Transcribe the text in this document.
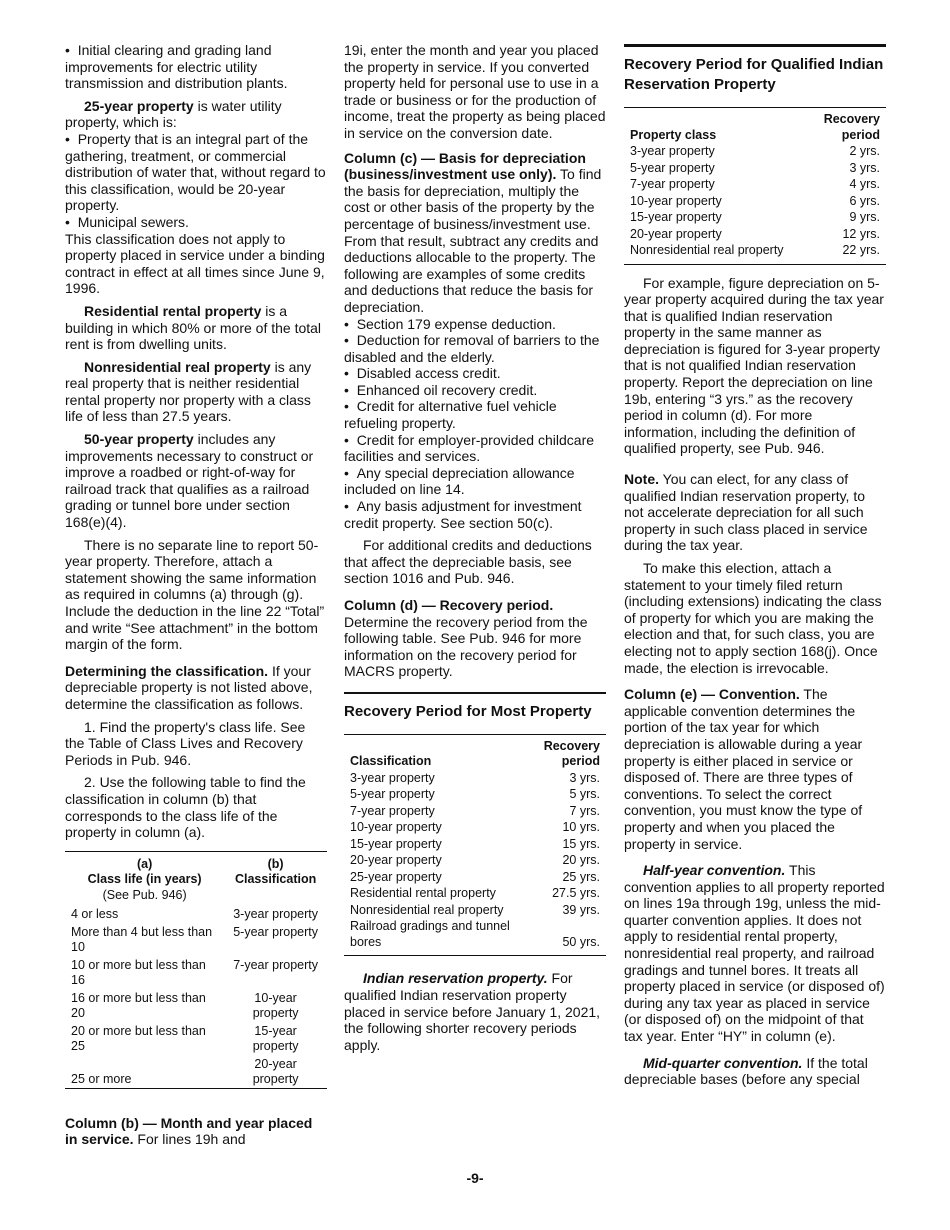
•  Initial clearing and grading land improvements for electric utility transmission and distribution plants.

25-year property is water utility property, which is:

•  Property that is an integral part of the gathering, treatment, or commercial distribution of water that, without regard to this classification, would be 20-year property.

•  Municipal sewers.

This classification does not apply to property placed in service under a binding contract in effect at all times since June 9, 1996.

Residential rental property is a building in which 80% or more of the total rent is from dwelling units.

Nonresidential real property is any real property that is neither residential rental property nor property with a class life of less than 27.5 years.

50-year property includes any improvements necessary to construct or improve a roadbed or right-of-way for railroad track that qualifies as a railroad grading or tunnel bore under section 168(e)(4).

There is no separate line to report 50-year property. Therefore, attach a statement showing the same information as required in columns (a) through (g). Include the deduction in the line 22 “Total” and write “See attachment” in the bottom margin of the form.

Determining the classification. If your depreciable property is not listed above, determine the classification as follows.

1. Find the property's class life. See the Table of Class Lives and Recovery Periods in Pub. 946.

2. Use the following table to find the classification in column (b) that corresponds to the class life of the property in column (a).

(a)
Class life (in years)
(See Pub. 946)	(b)
Classification
4 or less	3-year property
More than 4 but less than 10	5-year property
10 or more but less than 16	7-year property
16 or more but less than 20	10-year property
20 or more but less than 25	15-year property
25 or more	20-year property

Column (b) — Month and year placed in service. For lines 19h and

19i, enter the month and year you placed the property in service. If you converted property held for personal use to use in a trade or business or for the production of income, treat the property as being placed in service on the conversion date.

Column (c) — Basis for depreciation (business/investment use only). To find the basis for depreciation, multiply the cost or other basis of the property by the percentage of business/investment use. From that result, subtract any credits and deductions allocable to the property. The following are examples of some credits and deductions that reduce the basis for depreciation.

•  Section 179 expense deduction.

•  Deduction for removal of barriers to the disabled and the elderly.

•  Disabled access credit.

•  Enhanced oil recovery credit.

•  Credit for alternative fuel vehicle refueling property.

•  Credit for employer-provided childcare facilities and services.

•  Any special depreciation allowance included on line 14.

•  Any basis adjustment for investment credit property. See section 50(c).

For additional credits and deductions that affect the depreciable basis, see section 1016 and Pub. 946.

Column (d) — Recovery period. Determine the recovery period from the following table. See Pub. 946 for more information on the recovery period for MACRS property.

Recovery Period for Most Property
Classification	Recovery
period
3-year property	3 yrs.
5-year property	5 yrs.
7-year property	7 yrs.
10-year property	10 yrs.
15-year property	15 yrs.
20-year property	20 yrs.
25-year property	25 yrs.
Residential rental property	27.5 yrs.
Nonresidential real property	39 yrs.
Railroad gradings and tunnel bores	50 yrs.

Indian reservation property. For qualified Indian reservation property placed in service before January 1, 2021, the following shorter recovery periods apply.

Recovery Period for Qualified Indian Reservation Property
Property class	Recovery
period
3-year property	2 yrs.
5-year property	3 yrs.
7-year property	4 yrs.
10-year property	6 yrs.
15-year property	9 yrs.
20-year property	12 yrs.
Nonresidential real property	22 yrs.

For example, figure depreciation on 5-year property acquired during the tax year that is qualified Indian reservation property in the same manner as depreciation is figured for 3-year property that is not qualified Indian reservation property. Report the depreciation on line 19b, entering “3 yrs.” as the recovery period in column (d). For more information, including the definition of qualified property, see Pub. 946.

Note. You can elect, for any class of qualified Indian reservation property, to not accelerate depreciation for all such property in such class placed in service during the tax year.

To make this election, attach a statement to your timely filed return (including extensions) indicating the class of property for which you are making the election and that, for such class, you are electing not to apply section 168(j). Once made, the election is irrevocable.

Column (e) — Convention. The applicable convention determines the portion of the tax year for which depreciation is allowable during a year property is either placed in service or disposed of. There are three types of conventions. To select the correct convention, you must know the type of property and when you placed the property in service.

Half-year convention. This convention applies to all property reported on lines 19a through 19g, unless the mid-quarter convention applies. It does not apply to residential rental property, nonresidential real property, and railroad gradings and tunnel bores. It treats all property placed in service (or disposed of) during any tax year as placed in service (or disposed of) on the midpoint of that tax year. Enter “HY” in column (e).

Mid-quarter convention. If the total depreciable bases (before any special

-9-
